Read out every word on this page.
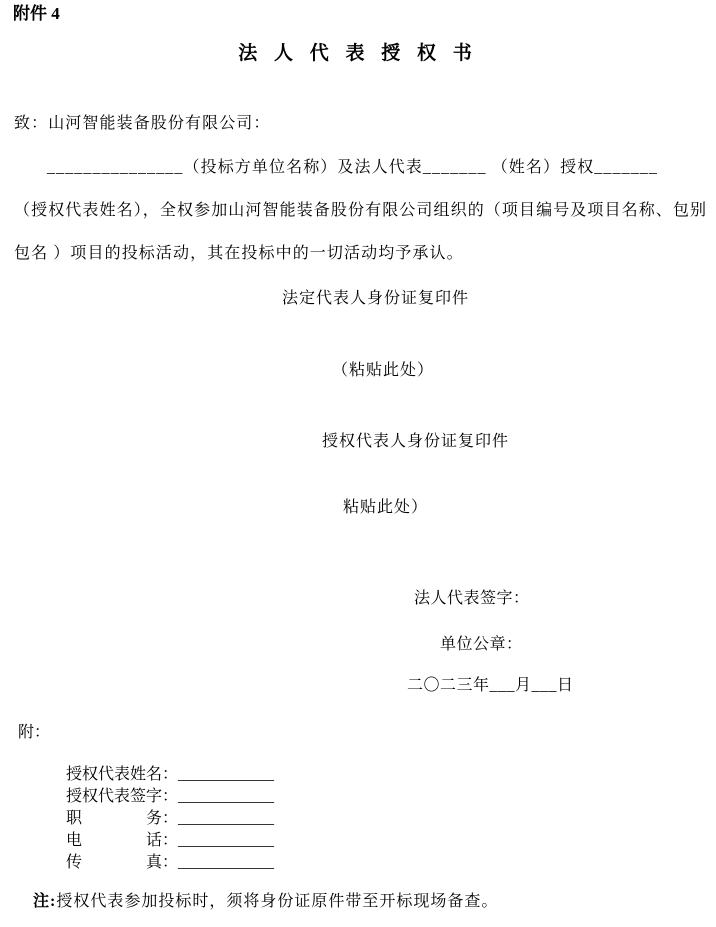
附件 4
法 人 代 表 授 权 书
致：山河智能装备股份有限公司：
_______________（投标方单位名称）及法人代表_______ （姓名）授权_______
（授权代表姓名），全权参加山河智能装备股份有限公司组织的（项目编号及项目名称、包别
包名 ）项目的投标活动，其在投标中的一切活动均予承认。
法定代表人身份证复印件
（粘贴此处）
授权代表人身份证复印件
粘贴此处）
法人代表签字：
单位公章：
二〇二三年___月___日
附：

授权代表姓名：____________

授权代表签字：____________

职　　　　务：____________

电　　　　话：____________

传　　　　真：____________

注:授权代表参加投标时，须将身份证原件带至开标现场备查。
